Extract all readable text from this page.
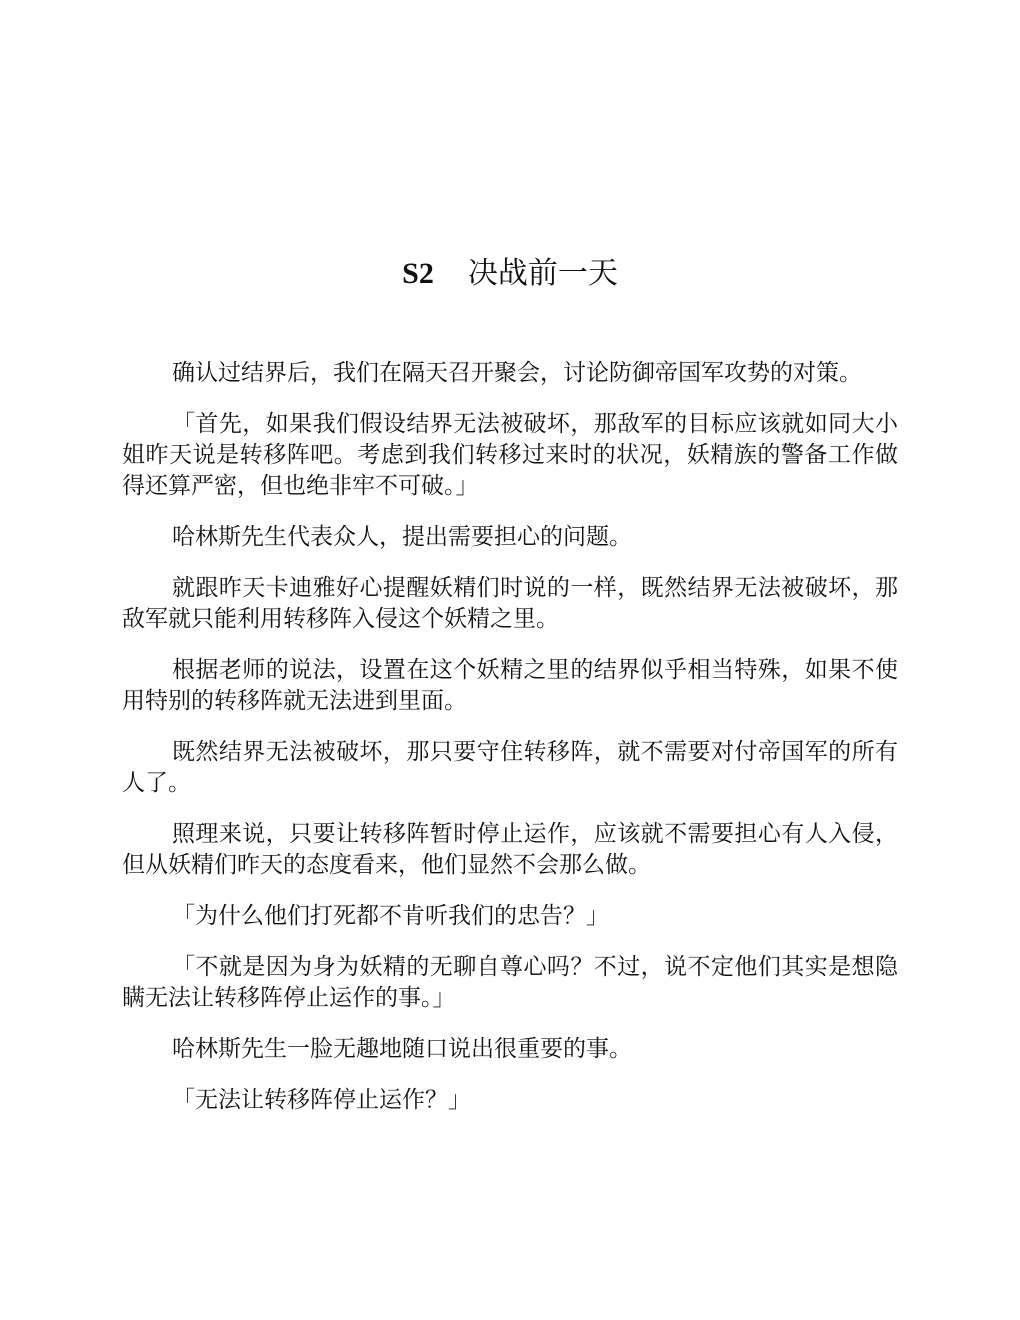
S2 决战前一天

确认过结界后，我们在隔天召开聚会，讨论防御帝国军攻势的对策。

「首先，如果我们假设结界无法被破坏，那敌军的目标应该就如同大小姐昨天说是转移阵吧。考虑到我们转移过来时的状况，妖精族的警备工作做得还算严密，但也绝非牢不可破。」

哈林斯先生代表众人，提出需要担心的问题。

就跟昨天卡迪雅好心提醒妖精们时说的一样，既然结界无法被破坏，那敌军就只能利用转移阵入侵这个妖精之里。

根据老师的说法，设置在这个妖精之里的结界似乎相当特殊，如果不使用特别的转移阵就无法进到里面。

既然结界无法被破坏，那只要守住转移阵，就不需要对付帝国军的所有人了。

照理来说，只要让转移阵暂时停止运作，应该就不需要担心有人入侵，但从妖精们昨天的态度看来，他们显然不会那么做。

「为什么他们打死都不肯听我们的忠告？」

「不就是因为身为妖精的无聊自尊心吗？不过，说不定他们其实是想隐瞒无法让转移阵停止运作的事。」

哈林斯先生一脸无趣地随口说出很重要的事。

「无法让转移阵停止运作？」
